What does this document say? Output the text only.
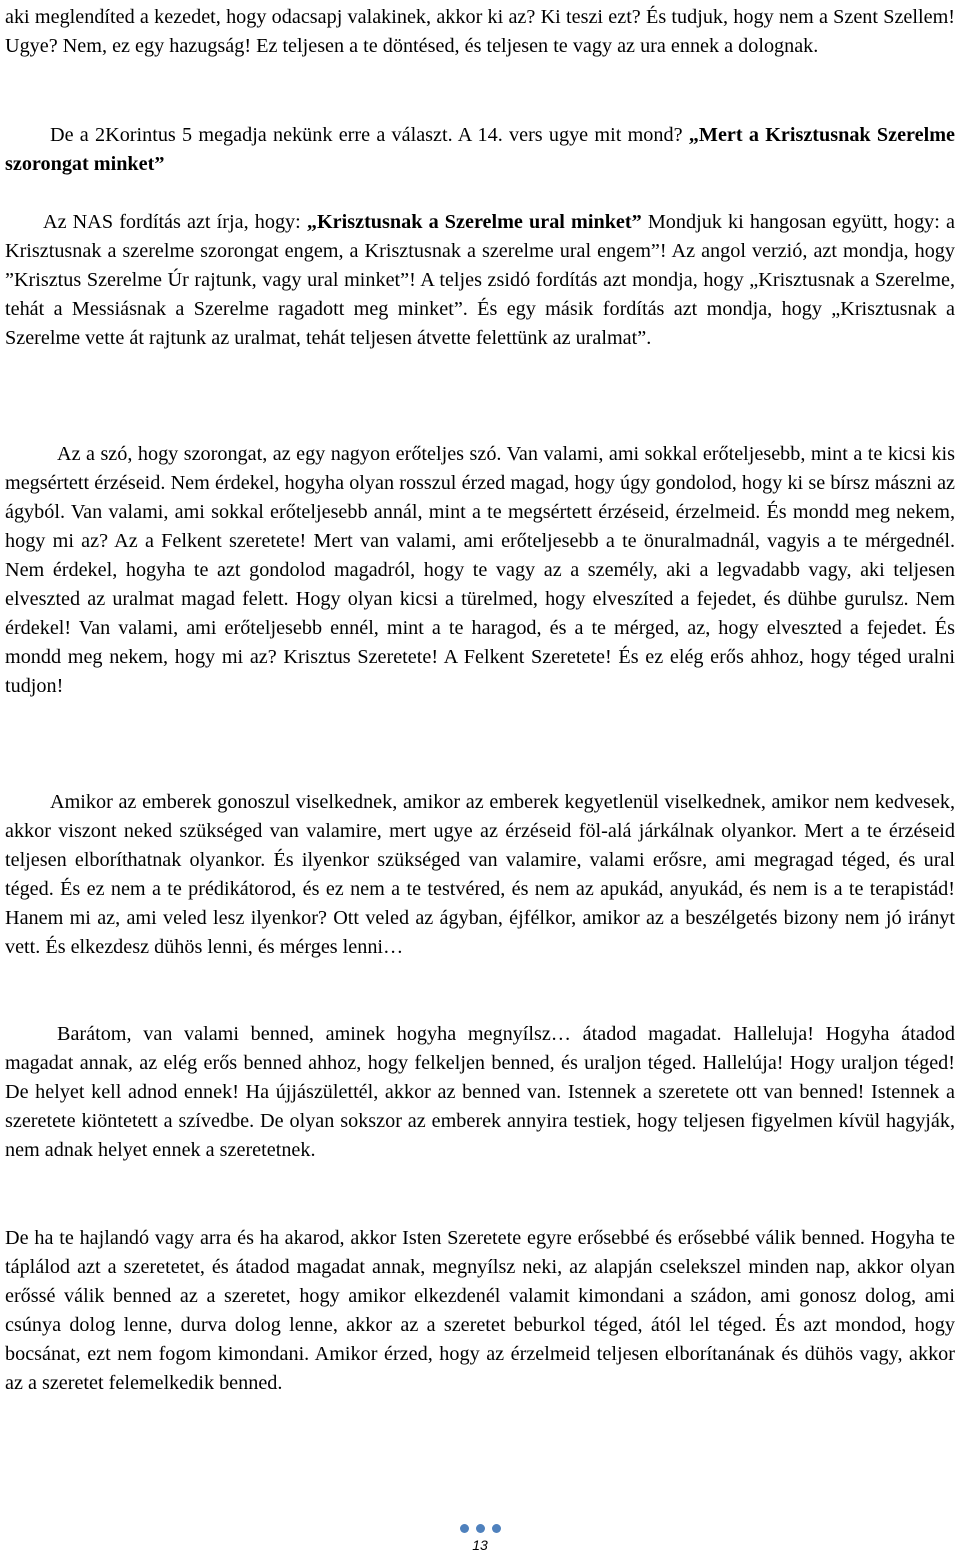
aki meglendíted a kezedet, hogy odacsapj valakinek, akkor ki az? Ki teszi ezt? És tudjuk, hogy nem a Szent Szellem! Ugye? Nem, ez egy hazugság! Ez teljesen a te döntésed, és teljesen te vagy az ura ennek a dolognak.

De a 2Korintus 5 megadja nekünk erre a választ. A 14. vers ugye mit mond? „Mert a Krisztusnak Szerelme szorongat minket”

Az NAS fordítás azt írja, hogy: „Krisztusnak a Szerelme ural minket” Mondjuk ki hangosan együtt, hogy: a Krisztusnak a szerelme szorongat engem, a Krisztusnak a szerelme ural engem”! Az angol verzió, azt mondja, hogy ”Krisztus Szerelme Úr rajtunk, vagy ural minket”! A teljes zsidó fordítás azt mondja, hogy „Krisztusnak a Szerelme, tehát a Messiásnak a Szerelme ragadott meg minket”. És egy másik fordítás azt mondja, hogy „Krisztusnak a Szerelme vette át rajtunk az uralmat, tehát teljesen átvette felettünk az uralmat”.

Az a szó, hogy szorongat, az egy nagyon erőteljes szó. Van valami, ami sokkal erőteljesebb, mint a te kicsi kis megsértett érzéseid. Nem érdekel, hogyha olyan rosszul érzed magad, hogy úgy gondolod, hogy ki se bírsz mászni az ágyból. Van valami, ami sokkal erőteljesebb annál, mint a te megsértett érzéseid, érzelmeid. És mondd meg nekem, hogy mi az? Az a Felkent szeretete! Mert van valami, ami erőteljesebb a te önuralmadnál, vagyis a te mérgednél. Nem érdekel, hogyha te azt gondolod magadról, hogy te vagy az a személy, aki a legvadabb vagy, aki teljesen elveszted az uralmat magad felett. Hogy olyan kicsi a türelmed, hogy elveszíted a fejedet, és dühbe gurulsz. Nem érdekel! Van valami, ami erőteljesebb ennél, mint a te haragod, és a te mérged, az, hogy elveszted a fejedet. És mondd meg nekem, hogy mi az? Krisztus Szeretete! A Felkent Szeretete! És ez elég erős ahhoz, hogy téged uralni tudjon!

Amikor az emberek gonoszul viselkednek, amikor az emberek kegyetlenül viselkednek, amikor nem kedvesek, akkor viszont neked szükséged van valamire, mert ugye az érzéseid föl-alá járkálnak olyankor. Mert a te érzéseid teljesen elboríthatnak olyankor. És ilyenkor szükséged van valamire, valami erősre, ami megragad téged, és ural téged. És ez nem a te prédikátorod, és ez nem a te testvéred, és nem az apukád, anyukád, és nem is a te terapistád! Hanem mi az, ami veled lesz ilyenkor? Ott veled az ágyban, éjfélkor, amikor az a beszélgetés bizony nem jó irányt vett. És elkezdesz dühös lenni, és mérges lenni…

Barátom, van valami benned, aminek hogyha megnyílsz… átadod magadat. Halleluja! Hogyha átadod magadat annak, az elég erős benned ahhoz, hogy felkeljen benned, és uraljon téged. Hallelúja! Hogy uraljon téged! De helyet kell adnod ennek! Ha újjászülettél, akkor az benned van. Istennek a szeretete ott van benned! Istennek a szeretete kiöntetett a szívedbe. De olyan sokszor az emberek annyira testiek, hogy teljesen figyelmen kívül hagyják, nem adnak helyet ennek a szeretetnek.

De ha te hajlandó vagy arra és ha akarod, akkor Isten Szeretete egyre erősebbé és erősebbé válik benned. Hogyha te táplálod azt a szeretetet, és átadod magadat annak, megnyílsz neki, az alapján cselekszel minden nap, akkor olyan erőssé válik benned az a szeretet, hogy amikor elkezdenél valamit kimondani a szádon, ami gonosz dolog, ami csúnya dolog lenne, durva dolog lenne, akkor az a szeretet beburkol téged, ától lel téged. És azt mondod, hogy bocsánat, ezt nem fogom kimondani. Amikor érzed, hogy az érzelmeid teljesen elborítanának és dühös vagy, akkor az a szeretet felemelkedik benned.

13
